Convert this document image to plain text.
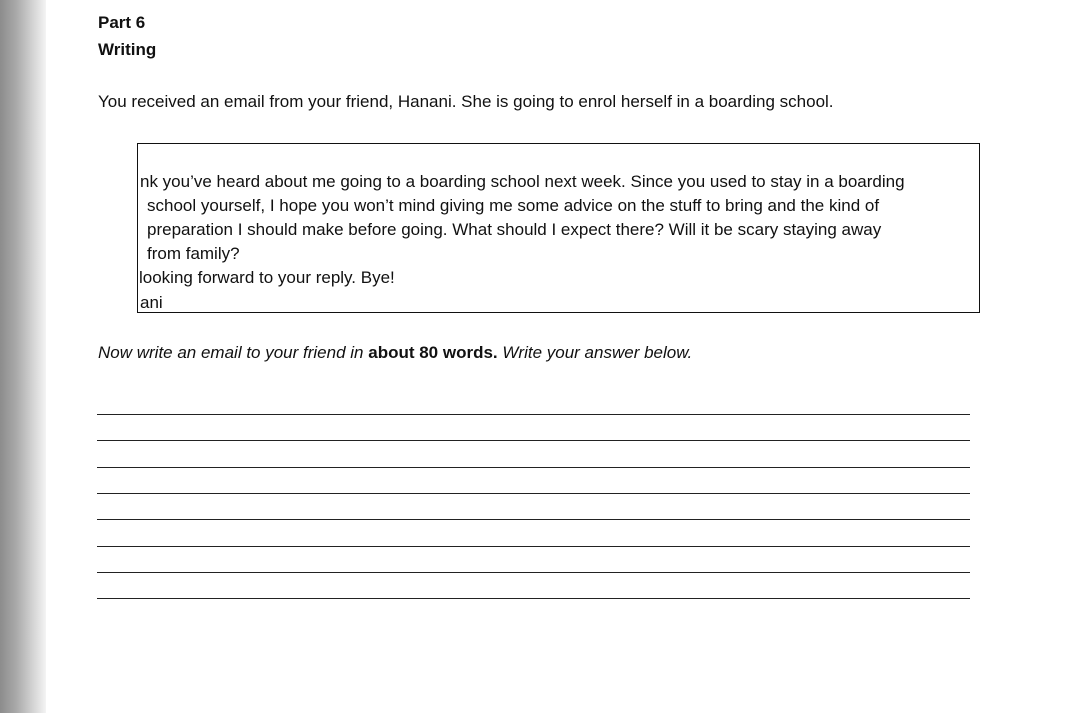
Part 6
Writing
You received an email from your friend, Hanani. She is going to enrol herself in a boarding school.
nk you’ve heard about me going to a boarding school next week. Since you used to stay in a boarding
school yourself, I hope you won’t mind giving me some advice on the stuff to bring and the kind of
preparation I should make before going. What should I expect there? Will it be scary staying away
from family?
looking forward to your reply. Bye!
ani
Now write an email to your friend in about 80 words. Write your answer below.
